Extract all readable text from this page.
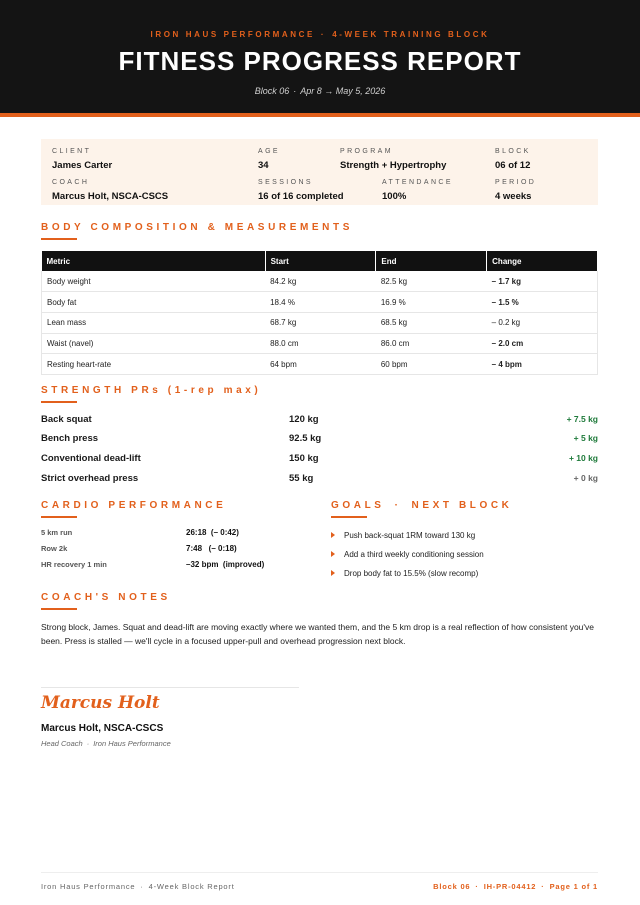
IRON HAUS PERFORMANCE · 4-WEEK TRAINING BLOCK
FITNESS PROGRESS REPORT
Block 06 · Apr 8 → May 5, 2026
CLIENT
James Carter
AGE
34
PROGRAM
Strength + Hypertrophy
BLOCK
06 of 12
COACH
Marcus Holt, NSCA-CSCS
SESSIONS
16 of 16 completed
ATTENDANCE
100%
PERIOD
4 weeks
BODY COMPOSITION & MEASUREMENTS
Metric	Start	End	Change
Body weight	84.2 kg	82.5 kg	– 1.7 kg
Body fat	18.4 %	16.9 %	– 1.5 %
Lean mass	68.7 kg	68.5 kg	– 0.2 kg
Waist (navel)	88.0 cm	86.0 cm	– 2.0 cm
Resting heart-rate	64 bpm	60 bpm	– 4 bpm
STRENGTH PRs (1-rep max)
Back squat	120 kg	+ 7.5 kg
Bench press	92.5 kg	+ 5 kg
Conventional dead-lift	150 kg	+ 10 kg
Strict overhead press	55 kg	+ 0 kg
CARDIO PERFORMANCE
5 km run	26:18  (– 0:42)
Row 2k	7:48   (– 0:18)
HR recovery 1 min	–32 bpm  (improved)
GOALS · NEXT BLOCK
Push back-squat 1RM toward 130 kg
Add a third weekly conditioning session
Drop body fat to 15.5% (slow recomp)
COACH'S NOTES
Strong block, James. Squat and dead-lift are moving exactly where we wanted them, and the 5 km drop is a real reflection of how consistent you've been. Press is stalled — we'll cycle in a focused upper-pull and overhead progression next block.
Marcus Holt
Marcus Holt, NSCA-CSCS
Head Coach · Iron Haus Performance
Iron Haus Performance · 4-Week Block Report	Block 06 · IH-PR-04412 · Page 1 of 1
